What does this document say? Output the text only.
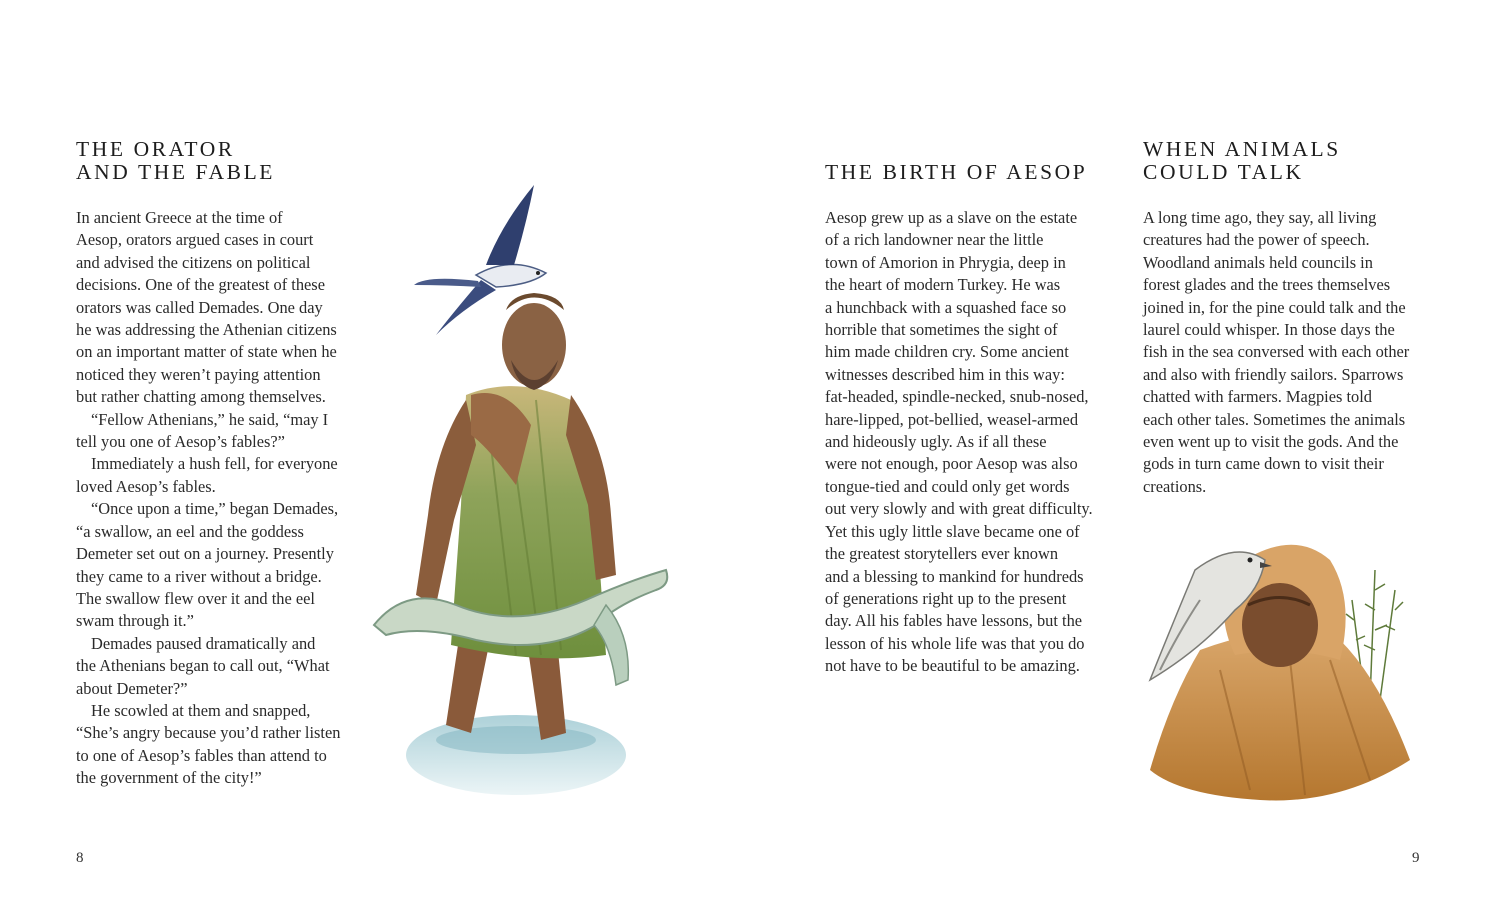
THE ORATOR
AND THE FABLE

In ancient Greece at the time of

Aesop, orators argued cases in court

and advised the citizens on political

decisions. One of the greatest of these

orators was called Demades. One day

he was addressing the Athenian citizens

on an important matter of state when he

noticed they weren’t paying attention

but rather chatting among themselves.

“Fellow Athenians,” he said, “may I

tell you one of Aesop’s fables?”

Immediately a hush fell, for everyone

loved Aesop’s fables.

“Once upon a time,” began Demades,

“a swallow, an eel and the goddess

Demeter set out on a journey. Presently

they came to a river without a bridge.

The swallow flew over it and the eel

swam through it.”

Demades paused dramatically and

the Athenians began to call out, “What

about Demeter?”

He scowled at them and snapped,

“She’s angry because you’d rather listen

to one of Aesop’s fables than attend to

the government of the city!”

8
THE BIRTH OF AESOP

Aesop grew up as a slave on the estate

of a rich landowner near the little

town of Amorion in Phrygia, deep in

the heart of modern Turkey. He was

a hunchback with a squashed face so

horrible that sometimes the sight of

him made children cry. Some ancient

witnesses described him in this way:

fat-headed, spindle-necked, snub-nosed,

hare-lipped, pot-bellied, weasel-armed

and hideously ugly. As if all these

were not enough, poor Aesop was also

tongue-tied and could only get words

out very slowly and with great difficulty.

Yet this ugly little slave became one of

the greatest storytellers ever known

and a blessing to mankind for hundreds

of generations right up to the present

day. All his fables have lessons, but the

lesson of his whole life was that you do

not have to be beautiful to be amazing.

WHEN ANIMALS
COULD TALK

A long time ago, they say, all living

creatures had the power of speech.

Woodland animals held councils in

forest glades and the trees themselves

joined in, for the pine could talk and the

laurel could whisper. In those days the

fish in the sea conversed with each other

and also with friendly sailors. Sparrows

chatted with farmers. Magpies told

each other tales. Sometimes the animals

even went up to visit the gods. And the

gods in turn came down to visit their

creations.

9
